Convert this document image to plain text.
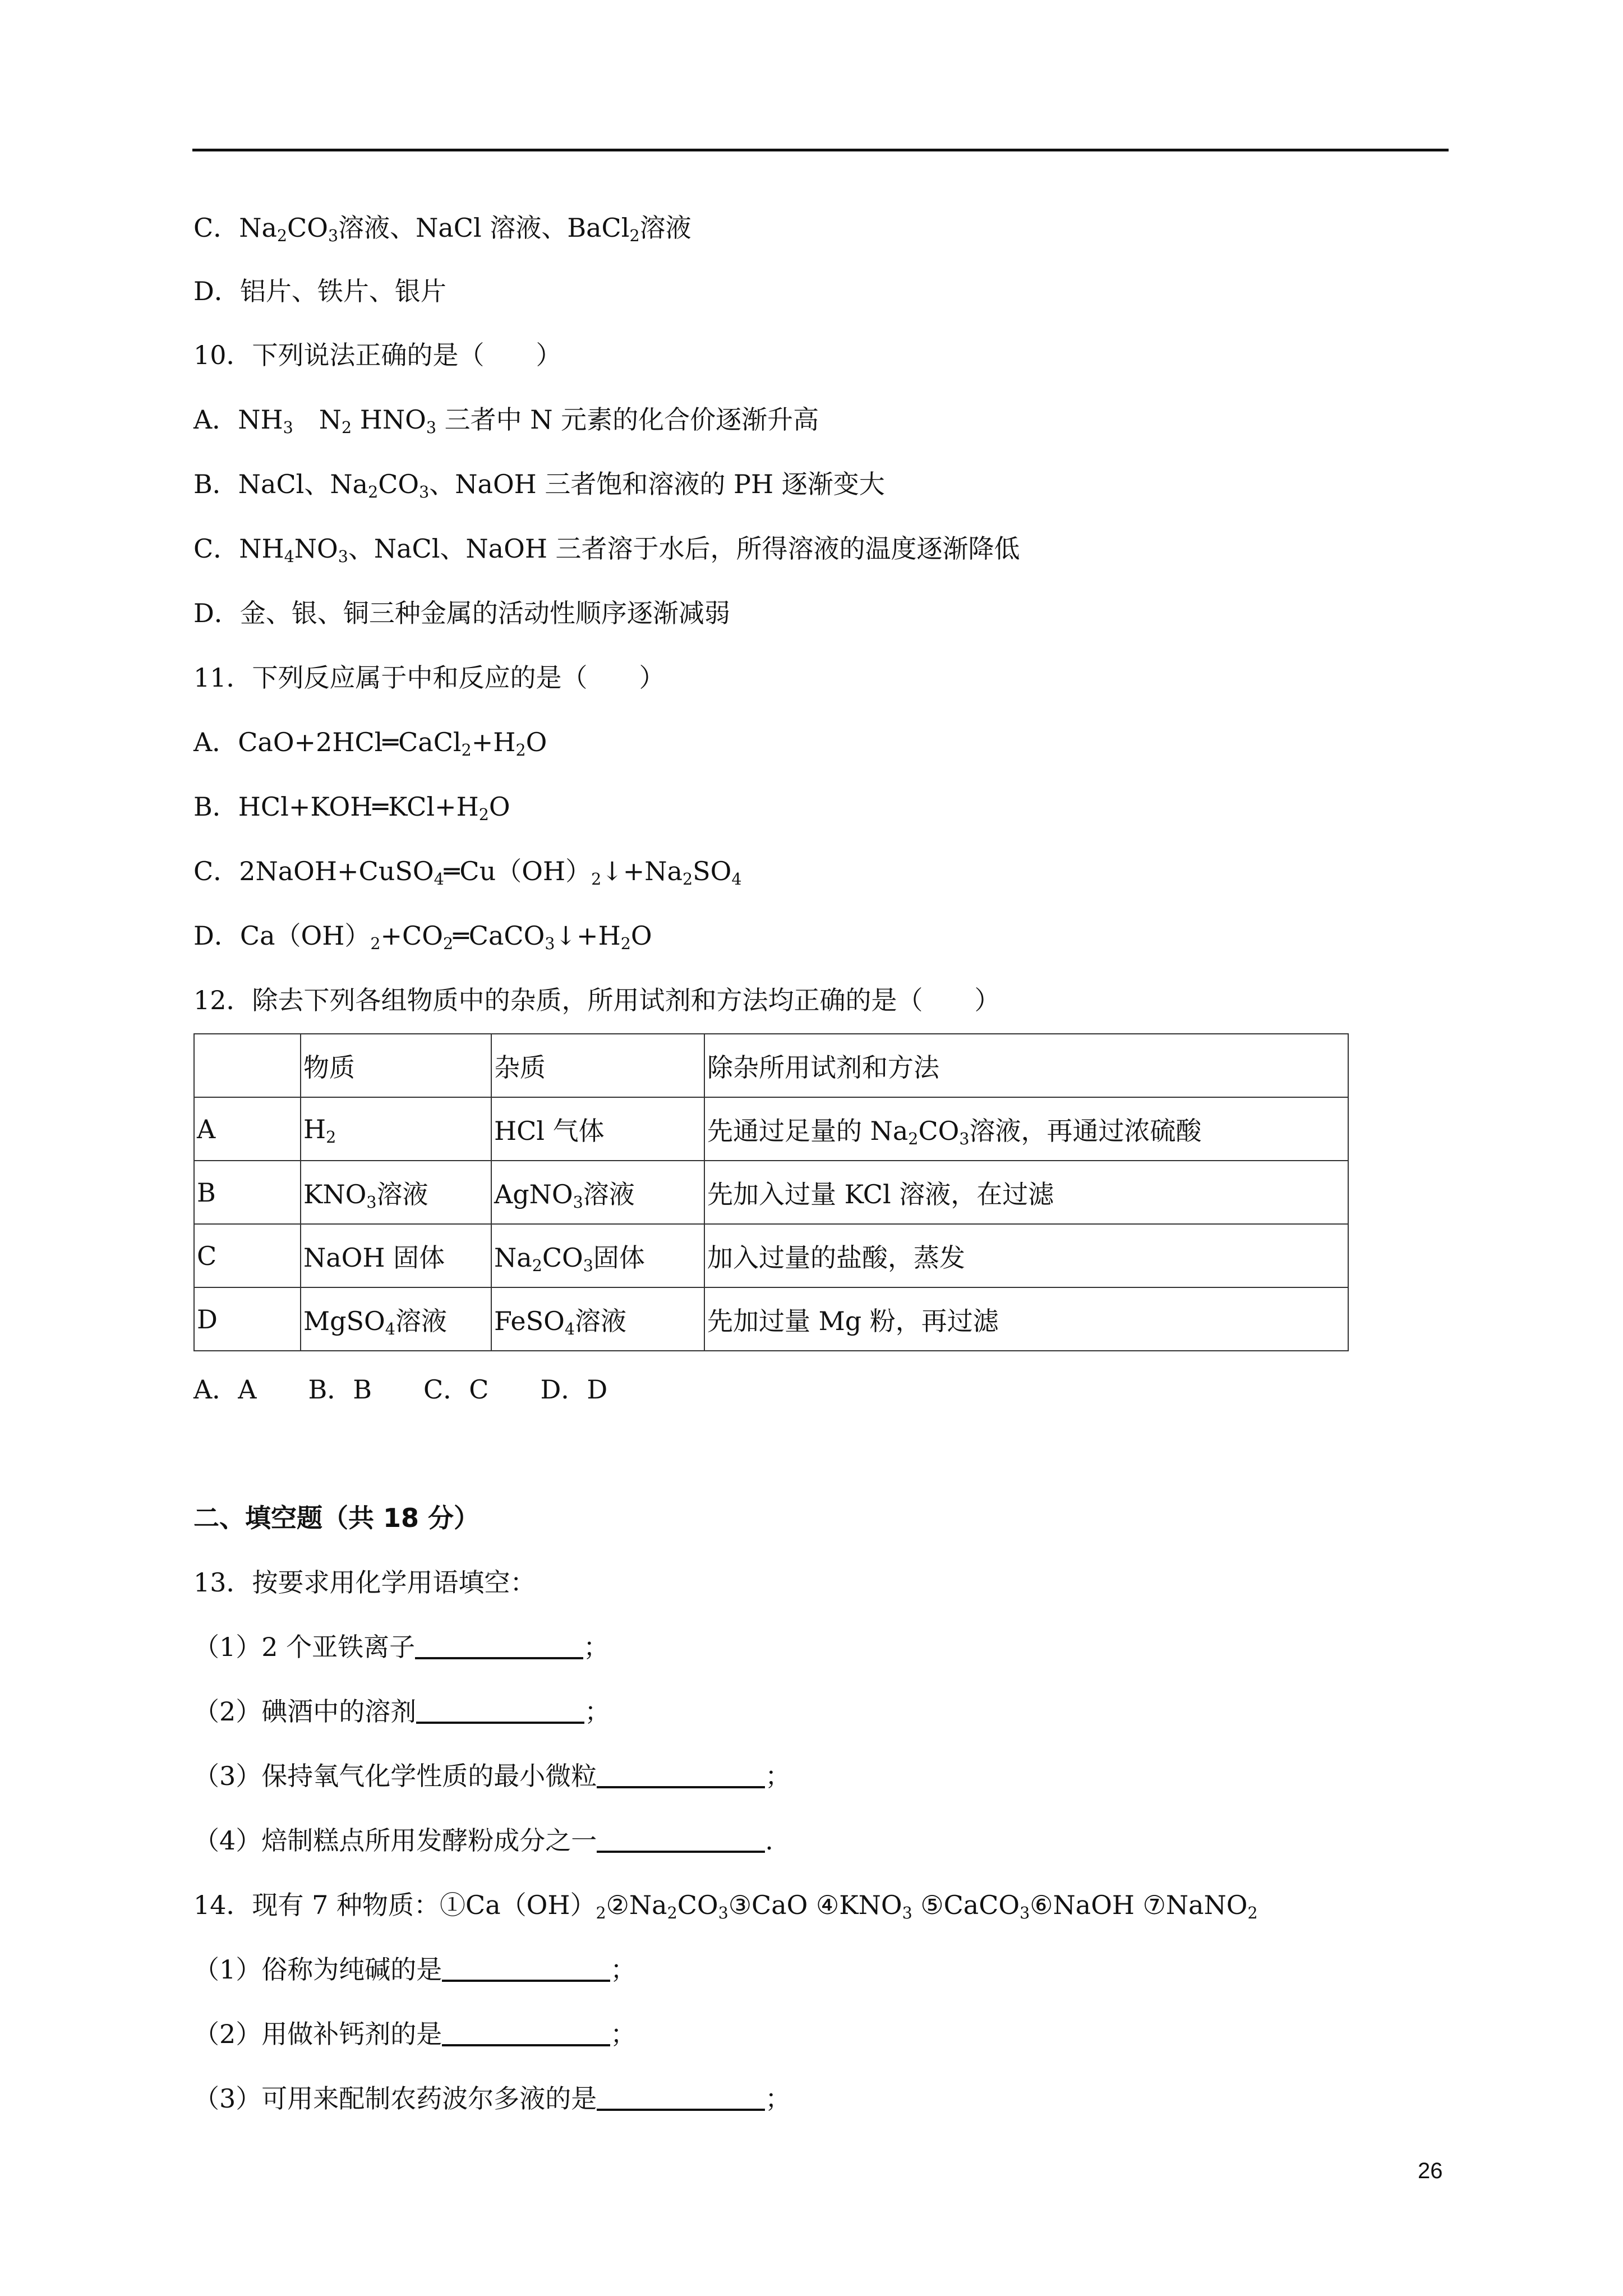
C．$Na_2CO_3$溶液、NaCl 溶液、BaCl$_2$溶液
D．铝片、铁片、银片
10．下列说法正确的是（　　）
A．$NH_3$　$N_2$ $HNO_3$ 三者中 N 元素的化合价逐渐升高
B．NaCl、$Na_2CO_3$、NaOH 三者饱和溶液的 PH 逐渐变大
C．$NH_4NO_3$、NaCl、NaOH 三者溶于水后，所得溶液的温度逐渐降低
D．金、银、铜三种金属的活动性顺序逐渐减弱
11．下列反应属于中和反应的是（　　）
A．$CaO+2HCl═CaCl_2+H_2O$
B．$HCl+KOH═KCl+H_2O$
C．$2NaOH+CuSO_4═Cu(OH)_2↓+Na_2SO_4$
D．$Ca(OH)_2+CO_2═CaCO_3↓+H_2O$
12．除去下列各组物质中的杂质，所用试剂和方法均正确的是（　　）
	物质	杂质	除杂所用试剂和方法
A	$H_2$	HCl 气体	先通过足量的 $Na_2CO_3$溶液，再通过浓硫酸
B	$KNO_3$溶液	AgNO$_3$溶液	先加入过量 KCl 溶液，在过滤
C	NaOH 固体	$Na_2CO_3$固体	加入过量的盐酸，蒸发
D	MgSO$_4$溶液	FeSO$_4$溶液	先加过量 Mg 粉，再过滤
A．A　　B．B　　C．C　　D．D
二、填空题（共 18 分）
13．按要求用化学用语填空：
（1）2 个亚铁离子	；
（2）碘酒中的溶剂	；
（3）保持氧气化学性质的最小微粒	；
（4）焙制糕点所用发酵粉成分之一	.
14．现有 7 种物质：$①Ca(OH)_2②Na_2CO_3③CaO$ $④KNO_3$ ⑤CaCO$_3$⑥NaOH ⑦NaNO$_2$
（1）俗称为纯碱的是	；
（2）用做补钙剂的是	；
（3）可用来配制农药波尔多液的是	；
26
